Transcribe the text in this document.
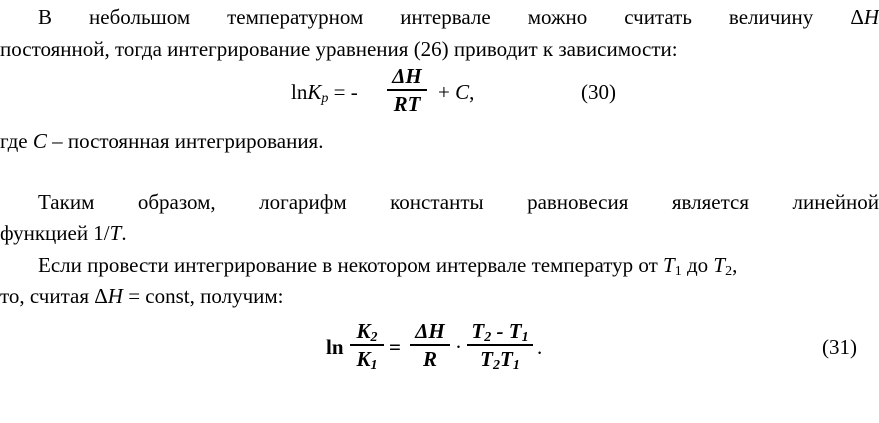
В небольшом температурном интервале можно считать величину ΔH
постоянной, тогда интегрирование уравнения (26) приводит к зависимости:
lnK$_p$ = -
ΔH
RT + C,	(30)
где C – постоянная интегрирования.
Таким образом, логарифм константы равновесия является линейной
функцией 1/T.
Если провести интегрирование в некотором интервале температур от $T_1$ до $T_2$,
то, считая ΔH = const, получим:
ln
$K_2$
$K_1$
=
ΔH
R ·
$T_2 - T_1$
$T_2T_1$
.	(31)
